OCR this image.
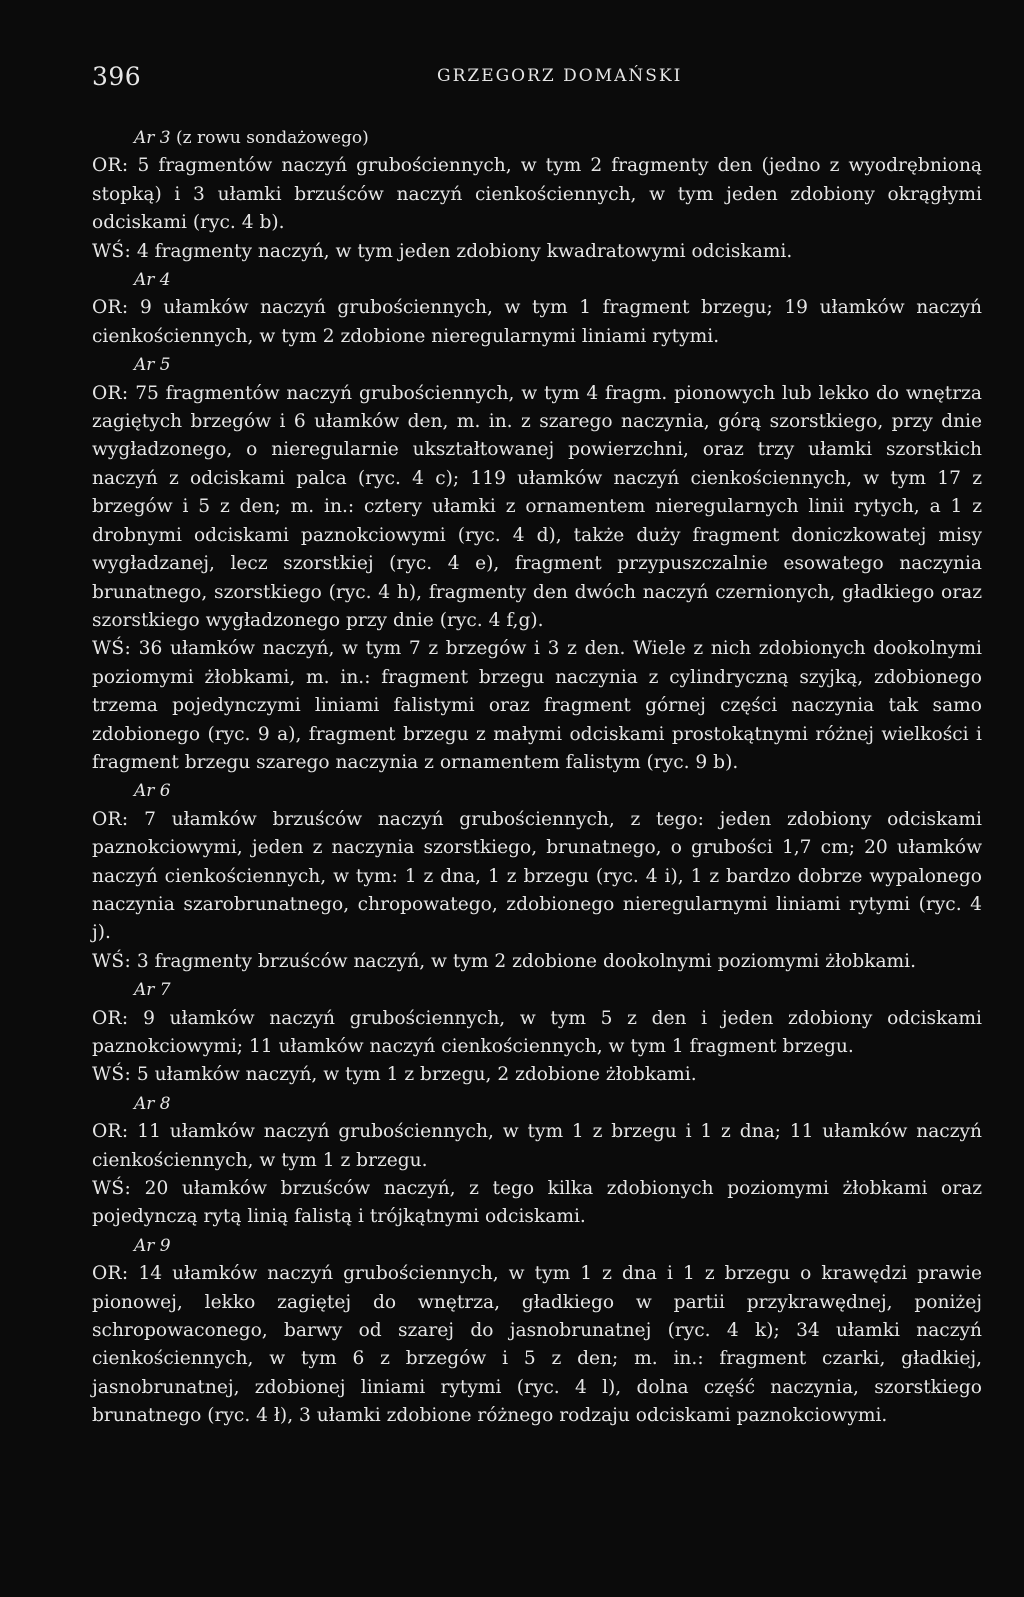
396	GRZEGORZ DOMAŃSKI

Ar 3 (z rowu sondażowego)

OR: 5 fragmentów naczyń grubościennych, w tym 2 fragmenty den (jedno z wyodrębnioną stopką) i 3 ułamki brzuśców naczyń cienkościennych, w tym jeden zdobiony okrągłymi odciskami (ryc. 4 b).

WŚ: 4 fragmenty naczyń, w tym jeden zdobiony kwadratowymi odciskami.

Ar 4

OR: 9 ułamków naczyń grubościennych, w tym 1 fragment brzegu; 19 ułamków naczyń cienkościennych, w tym 2 zdobione nieregularnymi liniami rytymi.

Ar 5

OR: 75 fragmentów naczyń grubościennych, w tym 4 fragm. pionowych lub lekko do wnętrza zagiętych brzegów i 6 ułamków den, m. in. z szarego naczynia, górą szorstkiego, przy dnie wygładzonego, o nieregularnie ukształtowanej powierzchni, oraz trzy ułamki szorstkich naczyń z odciskami palca (ryc. 4 c); 119 ułamków naczyń cienkościennych, w tym 17 z brzegów i 5 z den; m. in.: cztery ułamki z ornamentem nieregularnych linii rytych, a 1 z drobnymi odciskami paznokciowymi (ryc. 4 d), także duży fragment doniczkowatej misy wygładzanej, lecz szorstkiej (ryc. 4 e), fragment przypuszczalnie esowatego naczynia brunatnego, szorstkiego (ryc. 4 h), fragmenty den dwóch naczyń czernionych, gładkiego oraz szorstkiego wygładzonego przy dnie (ryc. 4 f,g).

WŚ: 36 ułamków naczyń, w tym 7 z brzegów i 3 z den. Wiele z nich zdobionych dookolnymi poziomymi żłobkami, m. in.: fragment brzegu naczynia z cylindryczną szyjką, zdobionego trzema pojedynczymi liniami falistymi oraz fragment górnej części naczynia tak samo zdobionego (ryc. 9 a), fragment brzegu z małymi odciskami prostokątnymi różnej wielkości i fragment brzegu szarego naczynia z ornamentem falistym (ryc. 9 b).

Ar 6

OR: 7 ułamków brzuśców naczyń grubościennych, z tego: jeden zdobiony odciskami paznokciowymi, jeden z naczynia szorstkiego, brunatnego, o grubości 1,7 cm; 20 ułamków naczyń cienkościennych, w tym: 1 z dna, 1 z brzegu (ryc. 4 i), 1 z bardzo dobrze wypalonego naczynia szarobrunatnego, chropowatego, zdobionego nieregularnymi liniami rytymi (ryc. 4 j).

WŚ: 3 fragmenty brzuśców naczyń, w tym 2 zdobione dookolnymi poziomymi żłobkami.

Ar 7

OR: 9 ułamków naczyń grubościennych, w tym 5 z den i jeden zdobiony odciskami paznokciowymi; 11 ułamków naczyń cienkościennych, w tym 1 fragment brzegu.

WŚ: 5 ułamków naczyń, w tym 1 z brzegu, 2 zdobione żłobkami.

Ar 8

OR: 11 ułamków naczyń grubościennych, w tym 1 z brzegu i 1 z dna; 11 ułamków naczyń cienkościennych, w tym 1 z brzegu.

WŚ: 20 ułamków brzuśców naczyń, z tego kilka zdobionych poziomymi żłobkami oraz pojedynczą rytą linią falistą i trójkątnymi odciskami.

Ar 9

OR: 14 ułamków naczyń grubościennych, w tym 1 z dna i 1 z brzegu o krawędzi prawie pionowej, lekko zagiętej do wnętrza, gładkiego w partii przykrawędnej, poniżej schropowaconego, barwy od szarej do jasnobrunatnej (ryc. 4 k); 34 ułamki naczyń cienkościennych, w tym 6 z brzegów i 5 z den; m. in.: fragment czarki, gładkiej, jasnobrunatnej, zdobionej liniami rytymi (ryc. 4 l), dolna część naczynia, szorstkiego brunatnego (ryc. 4 ł), 3 ułamki zdobione różnego rodzaju odciskami paznokciowymi.
